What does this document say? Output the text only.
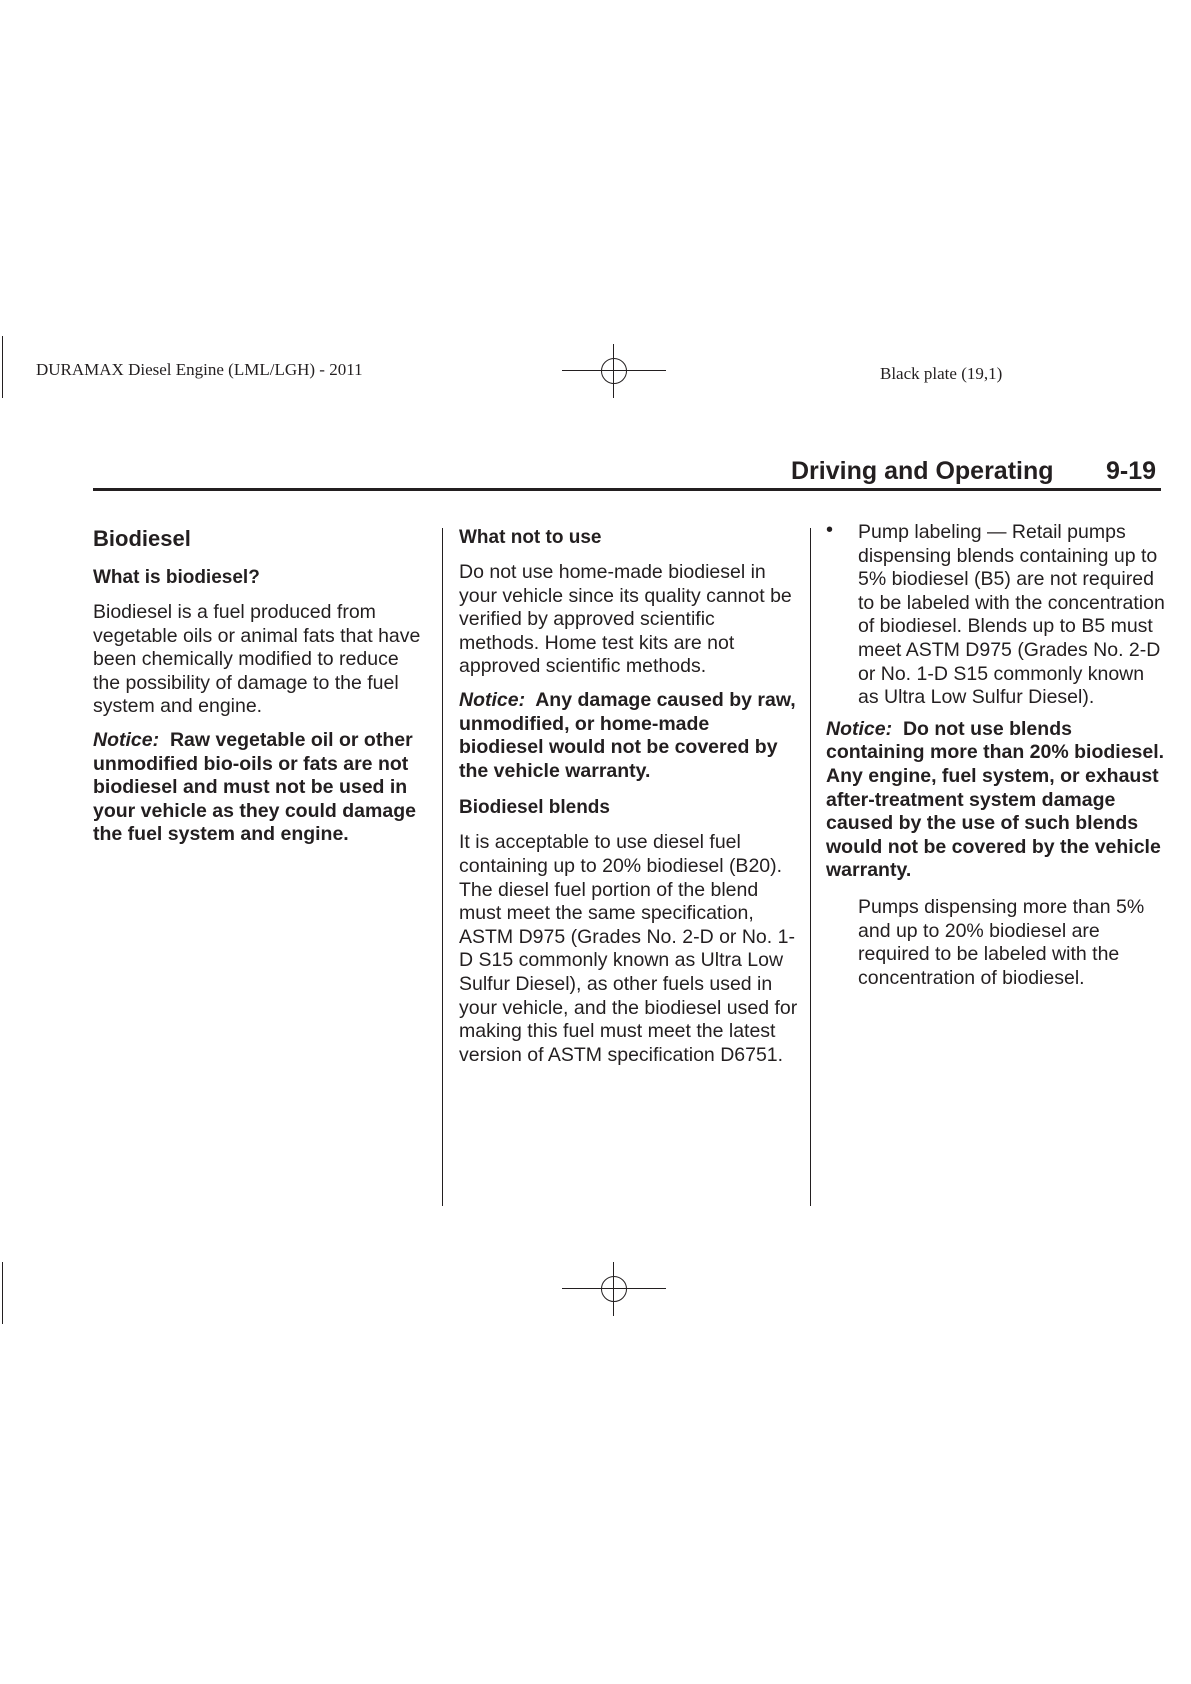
DURAMAX Diesel Engine (LML/LGH) - 2011	Black plate (19,1)
Driving and Operating 9-19
Biodiesel
What is biodiesel?

Biodiesel is a fuel produced from vegetable oils or animal fats that have been chemically modified to reduce the possibility of damage to the fuel system and engine.

Notice: Raw vegetable oil or other unmodified bio-oils or fats are not biodiesel and must not be used in your vehicle as they could damage the fuel system and engine.

What not to use

Do not use home-made biodiesel in your vehicle since its quality cannot be verified by approved scientific methods. Home test kits are not approved scientific methods.

Notice: Any damage caused by raw, unmodified, or home-made biodiesel would not be covered by the vehicle warranty.

Biodiesel blends

It is acceptable to use diesel fuel containing up to 20% biodiesel (B20). The diesel fuel portion of the blend must meet the same specification, ASTM D975 (Grades No. 2-D or No. 1-D S15 commonly known as Ultra Low Sulfur Diesel), as other fuels used in your vehicle, and the biodiesel used for making this fuel must meet the latest version of ASTM specification D6751.

• Pump labeling — Retail pumps dispensing blends containing up to 5% biodiesel (B5) are not required to be labeled with the concentration of biodiesel. Blends up to B5 must meet ASTM D975 (Grades No. 2-D or No. 1-D S15 commonly known as Ultra Low Sulfur Diesel).

Notice: Do not use blends containing more than 20% biodiesel. Any engine, fuel system, or exhaust after-treatment system damage caused by the use of such blends would not be covered by the vehicle warranty.

Pumps dispensing more than 5% and up to 20% biodiesel are required to be labeled with the concentration of biodiesel.
